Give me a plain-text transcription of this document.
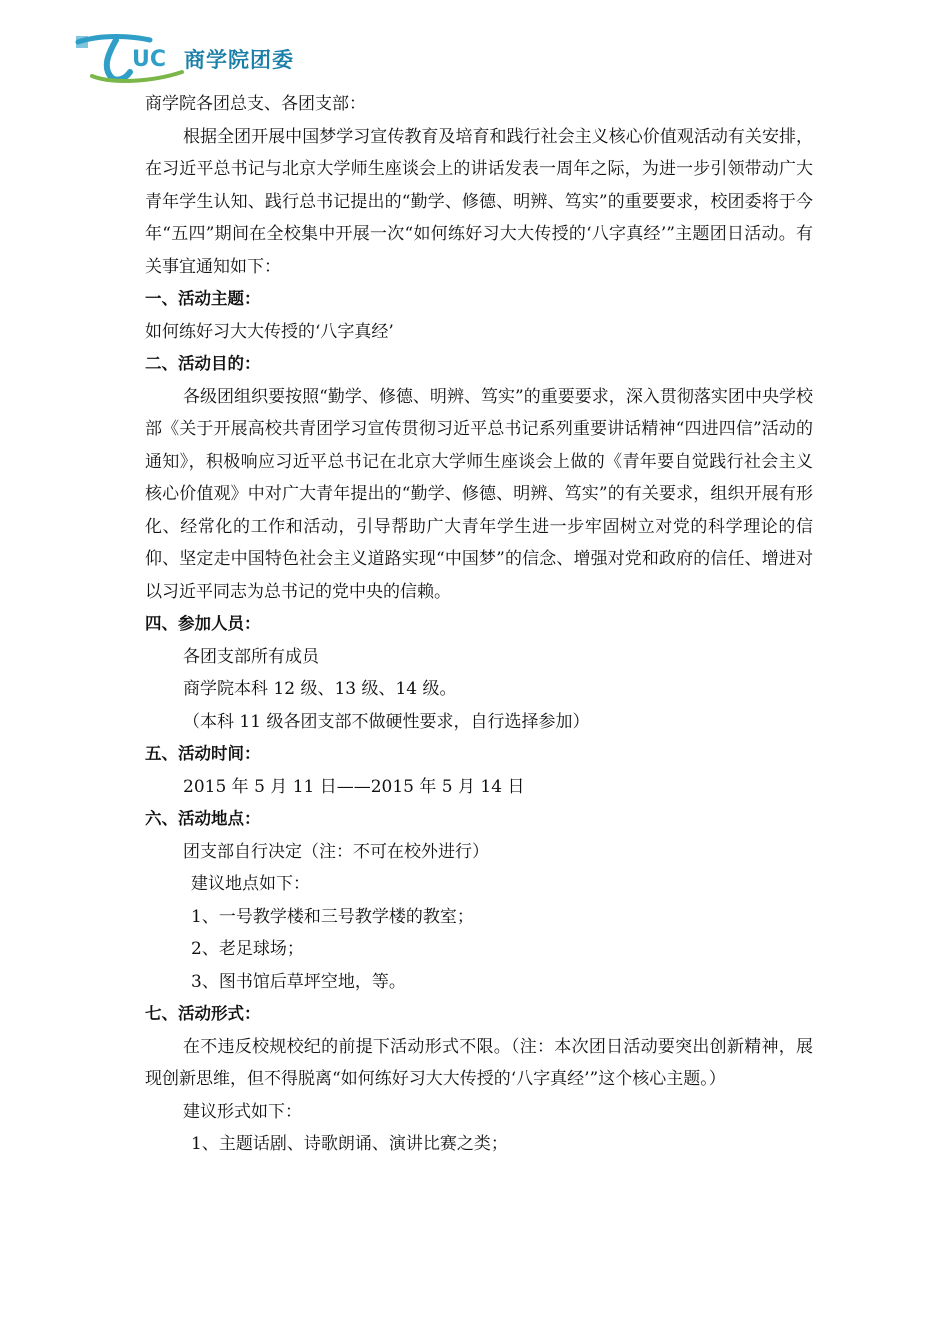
UC 商学院团委
商学院各团总支、各团支部：
根据全团开展中国梦学习宣传教育及培育和践行社会主义核心价值观活动有关安排，在习近平总书记与北京大学师生座谈会上的讲话发表一周年之际，为进一步引领带动广大青年学生认知、践行总书记提出的“勤学、修德、明辨、笃实”的重要要求，校团委将于今年“五四”期间在全校集中开展一次“如何练好习大大传授的‘八字真经’”主题团日活动。有关事宜通知如下：
一、活动主题：
如何练好习大大传授的‘八字真经’
二、活动目的：
各级团组织要按照“勤学、修德、明辨、笃实”的重要要求，深入贯彻落实团中央学校部《关于开展高校共青团学习宣传贯彻习近平总书记系列重要讲话精神“四进四信”活动的通知》，积极响应习近平总书记在北京大学师生座谈会上做的《青年要自觉践行社会主义核心价值观》中对广大青年提出的“勤学、修德、明辨、笃实”的有关要求，组织开展有形化、经常化的工作和活动，引导帮助广大青年学生进一步牢固树立对党的科学理论的信仰、坚定走中国特色社会主义道路实现“中国梦”的信念、增强对党和政府的信任、增进对以习近平同志为总书记的党中央的信赖。
四、参加人员：
各团支部所有成员
商学院本科 12 级、13 级、14 级。
（本科 11 级各团支部不做硬性要求，自行选择参加）
五、活动时间：
2015 年 5 月 11 日——2015 年 5 月 14 日
六、活动地点：
团支部自行决定（注：不可在校外进行）
建议地点如下：
1、一号教学楼和三号教学楼的教室；
2、老足球场；
3、图书馆后草坪空地，等。
七、活动形式：
在不违反校规校纪的前提下活动形式不限。（注：本次团日活动要突出创新精神，展现创新思维，但不得脱离“如何练好习大大传授的‘八字真经’”这个核心主题。）
建议形式如下：
1、主题话剧、诗歌朗诵、演讲比赛之类；
